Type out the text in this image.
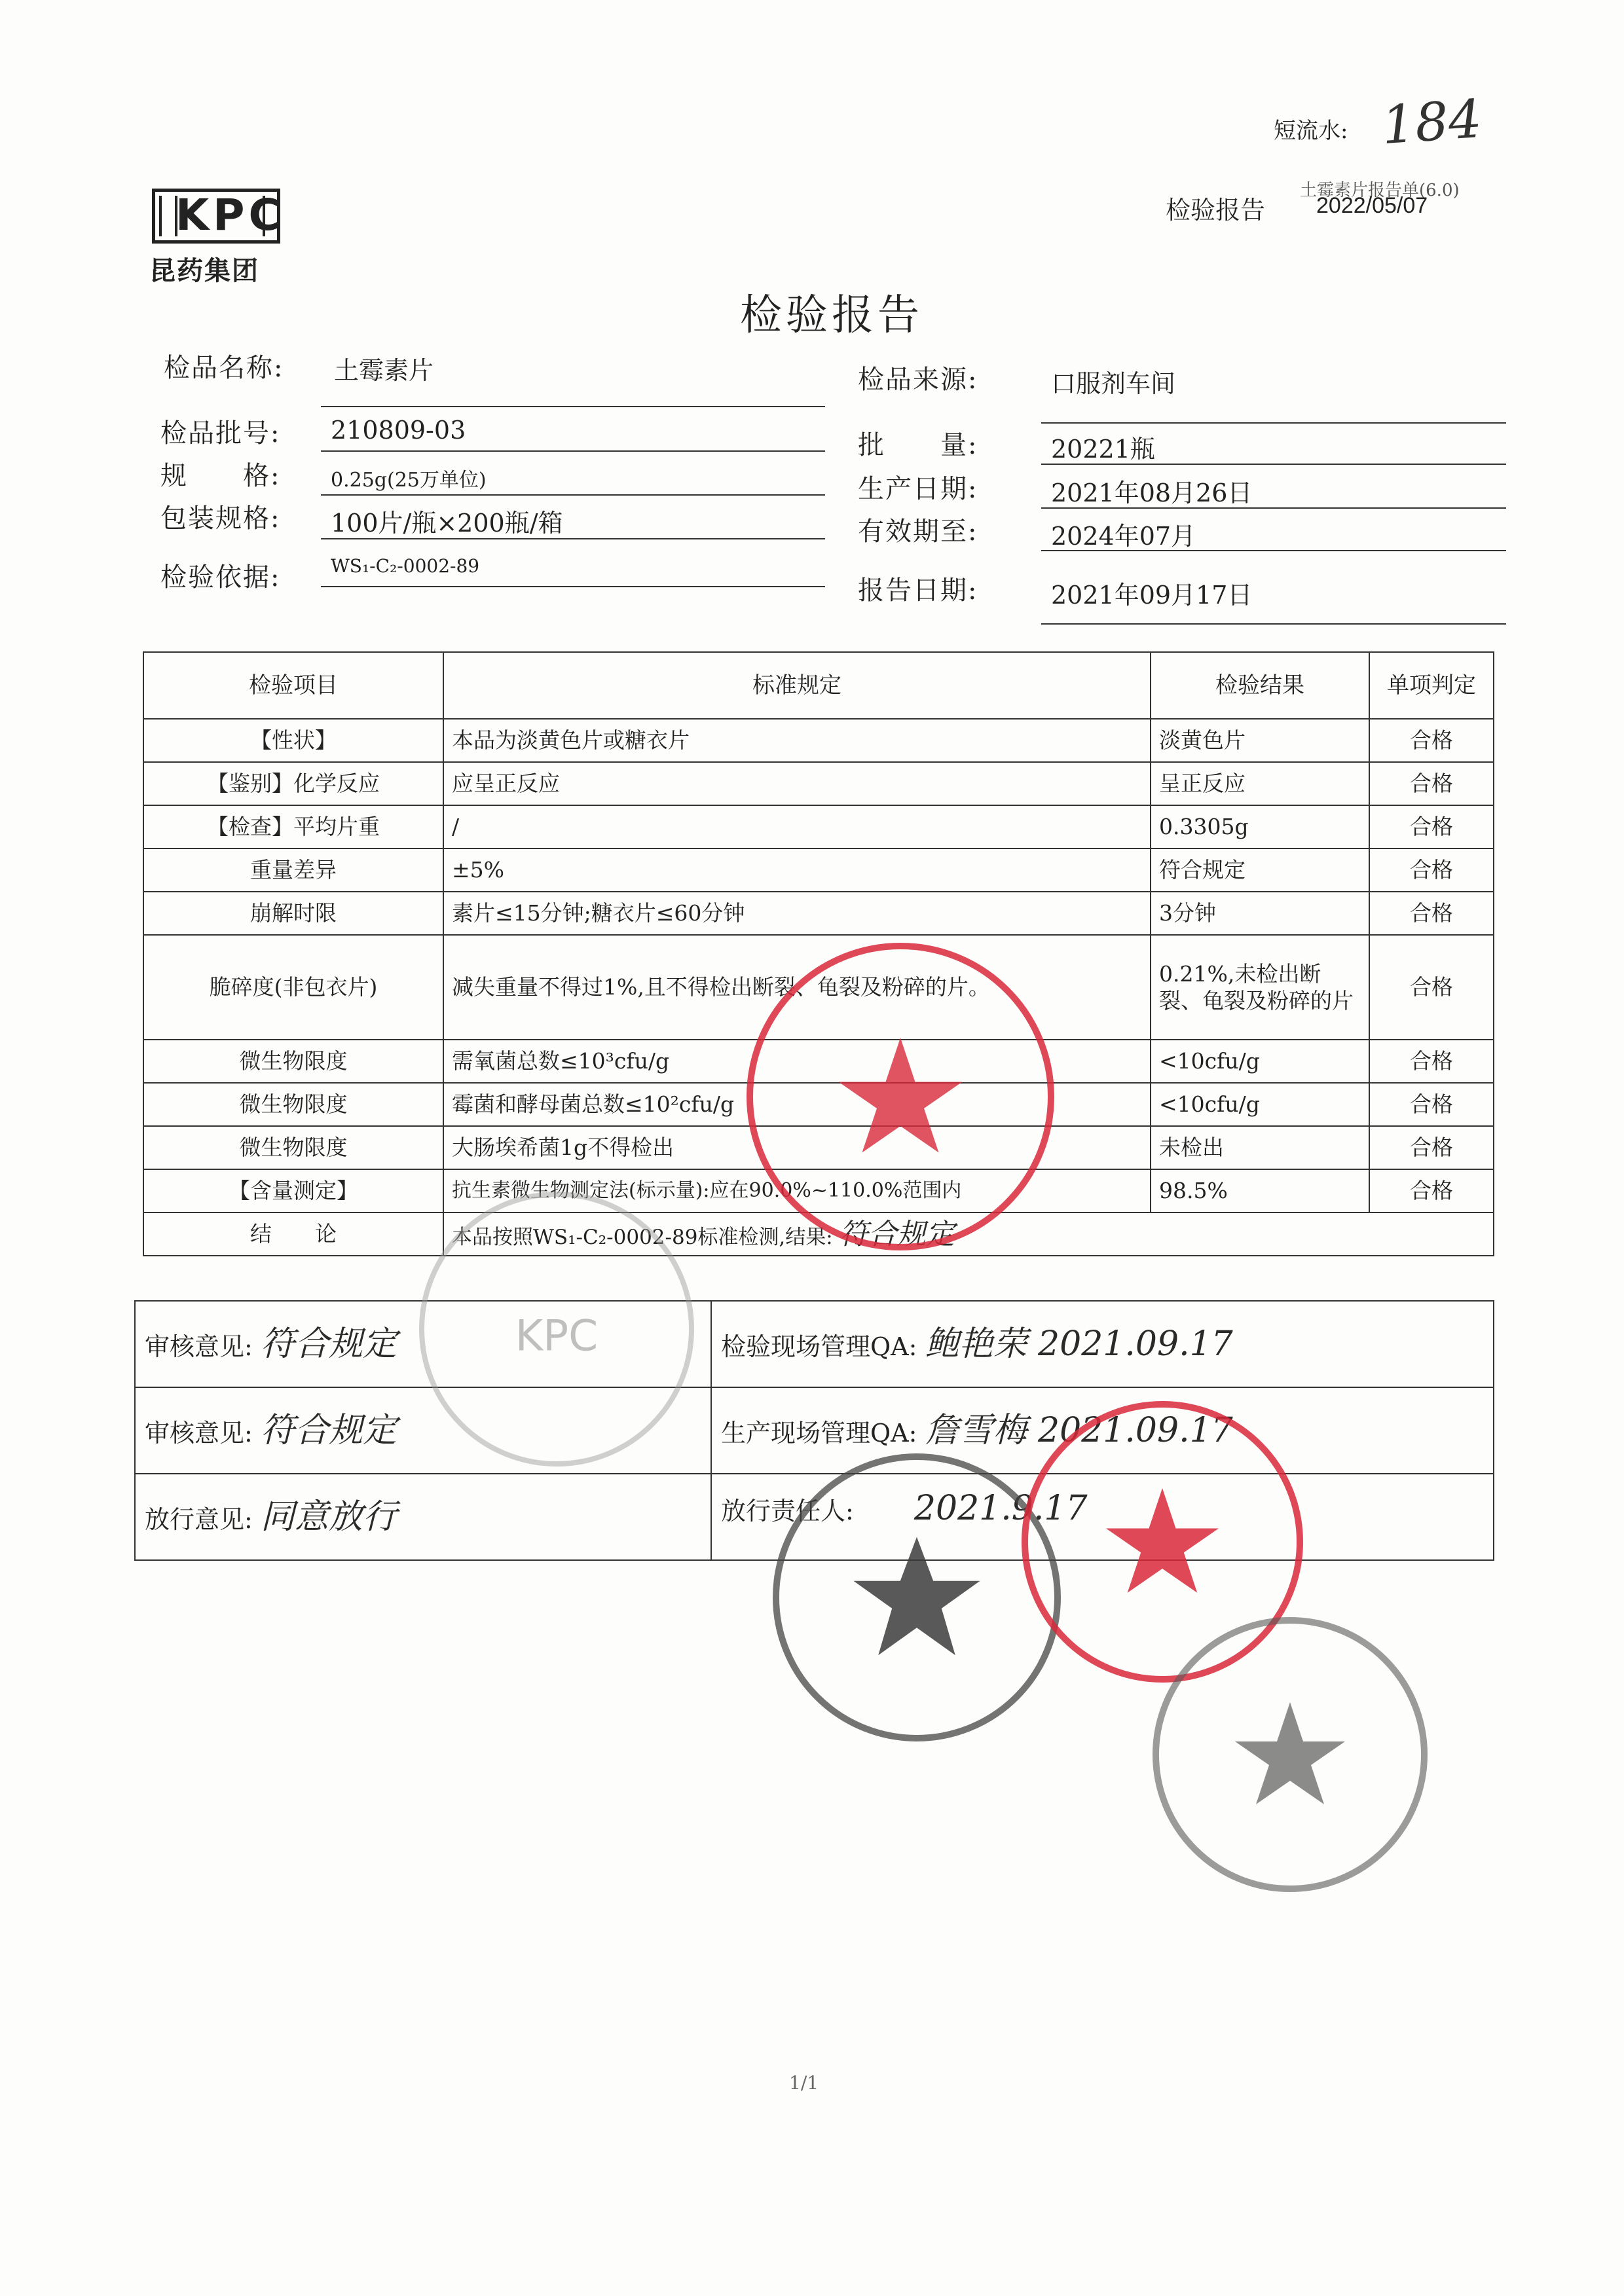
短流水: 184
土霉素片报告单(6.0)
检验报告 2022/05/07
KPC
昆药集团
检验报告
检品名称: 土霉素片
检品批号: 210809-03
规　　格:	0.25g(25万单位)
包装规格: 100片/瓶×200瓶/箱
检验依据:	WS₁-C₂-0002-89
检品来源:	口服剂车间
批　　量:	20221瓶
生产日期:	2021年08月26日
有效期至:	2024年07月
报告日期:	2021年09月17日
检验项目	标准规定	检验结果	单项判定
【性状】	本品为淡黄色片或糖衣片	淡黄色片	合格
【鉴别】化学反应	应呈正反应	呈正反应	合格
【检查】平均片重	/	0.3305g	合格
重量差异	±5%	符合规定	合格
崩解时限	素片≤15分钟;糖衣片≤60分钟	3分钟	合格
脆碎度(非包衣片)	减失重量不得过1%,且不得检出断裂、龟裂及粉碎的片。	0.21%,未检出断裂、龟裂及粉碎的片	合格
微生物限度	需氧菌总数≤10³cfu/g	<10cfu/g	合格
微生物限度	霉菌和酵母菌总数≤10²cfu/g	<10cfu/g	合格
微生物限度	大肠埃希菌1g不得检出	未检出	合格
【含量测定】	抗生素微生物测定法(标示量):应在90.0%~110.0%范围内	98.5%	合格
结　　论	本品按照WS₁-C₂-0002-89标准检测,结果: 符合规定		
审核意见: 符合规定	检验现场管理QA: 鲍艳荣 2021.09.17
审核意见: 符合规定	生产现场管理QA: 詹雪梅 2021.09.17
放行意见: 同意放行	放行责任人: 2021.9.17
KPC
1/1
